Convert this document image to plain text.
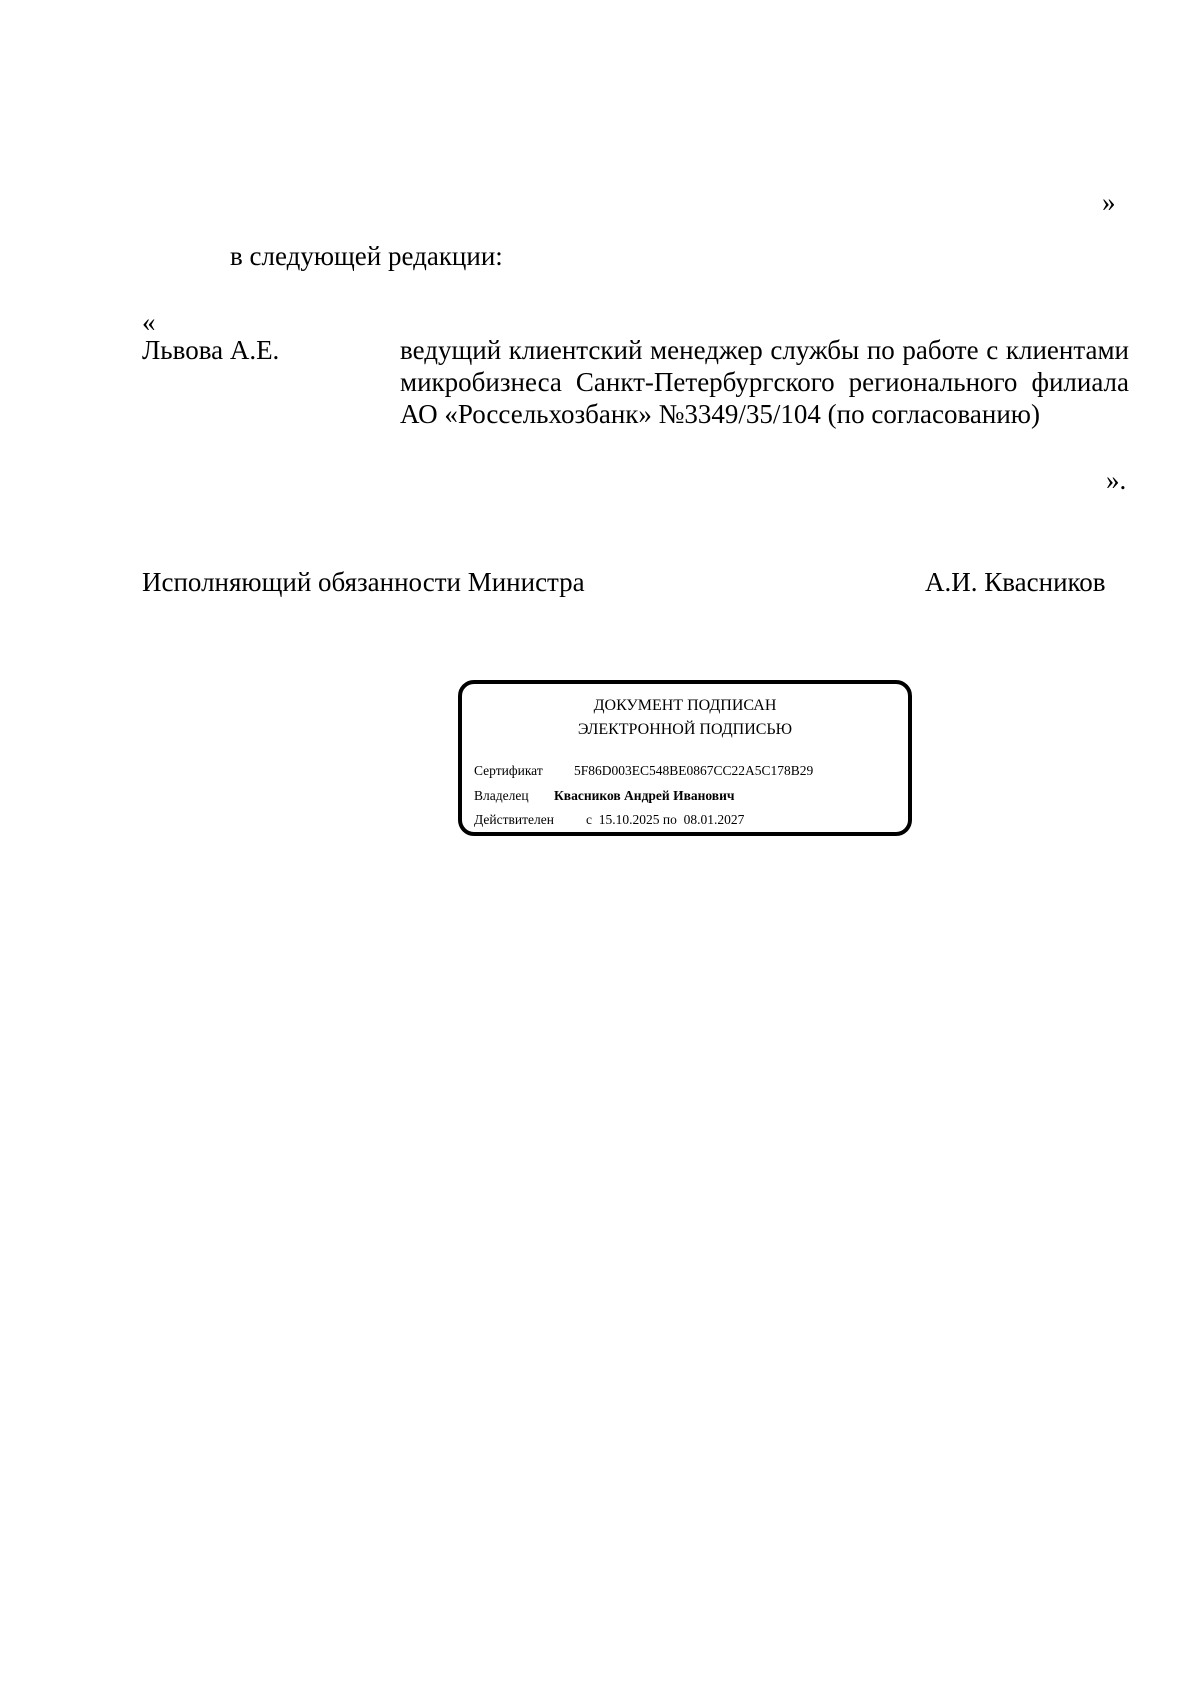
»
в следующей редакции:
«
Львова А.Е.	ведущий клиентский менеджер службы по работе с клиентами микробизнеса Санкт-Петербургского регионального филиала АО «Россельхозбанк» №3349/35/104 (по согласованию)
».
Исполняющий обязанности Министра	А.И. Квасников
ДОКУМЕНТ ПОДПИСАН
ЭЛЕКТРОННОЙ ПОДПИСЬЮ
Сертификат 5F86D003EC548BE0867CC22A5C178B29
Владелец Квасников Андрей Иванович
Действителен с  15.10.2025 по  08.01.2027
